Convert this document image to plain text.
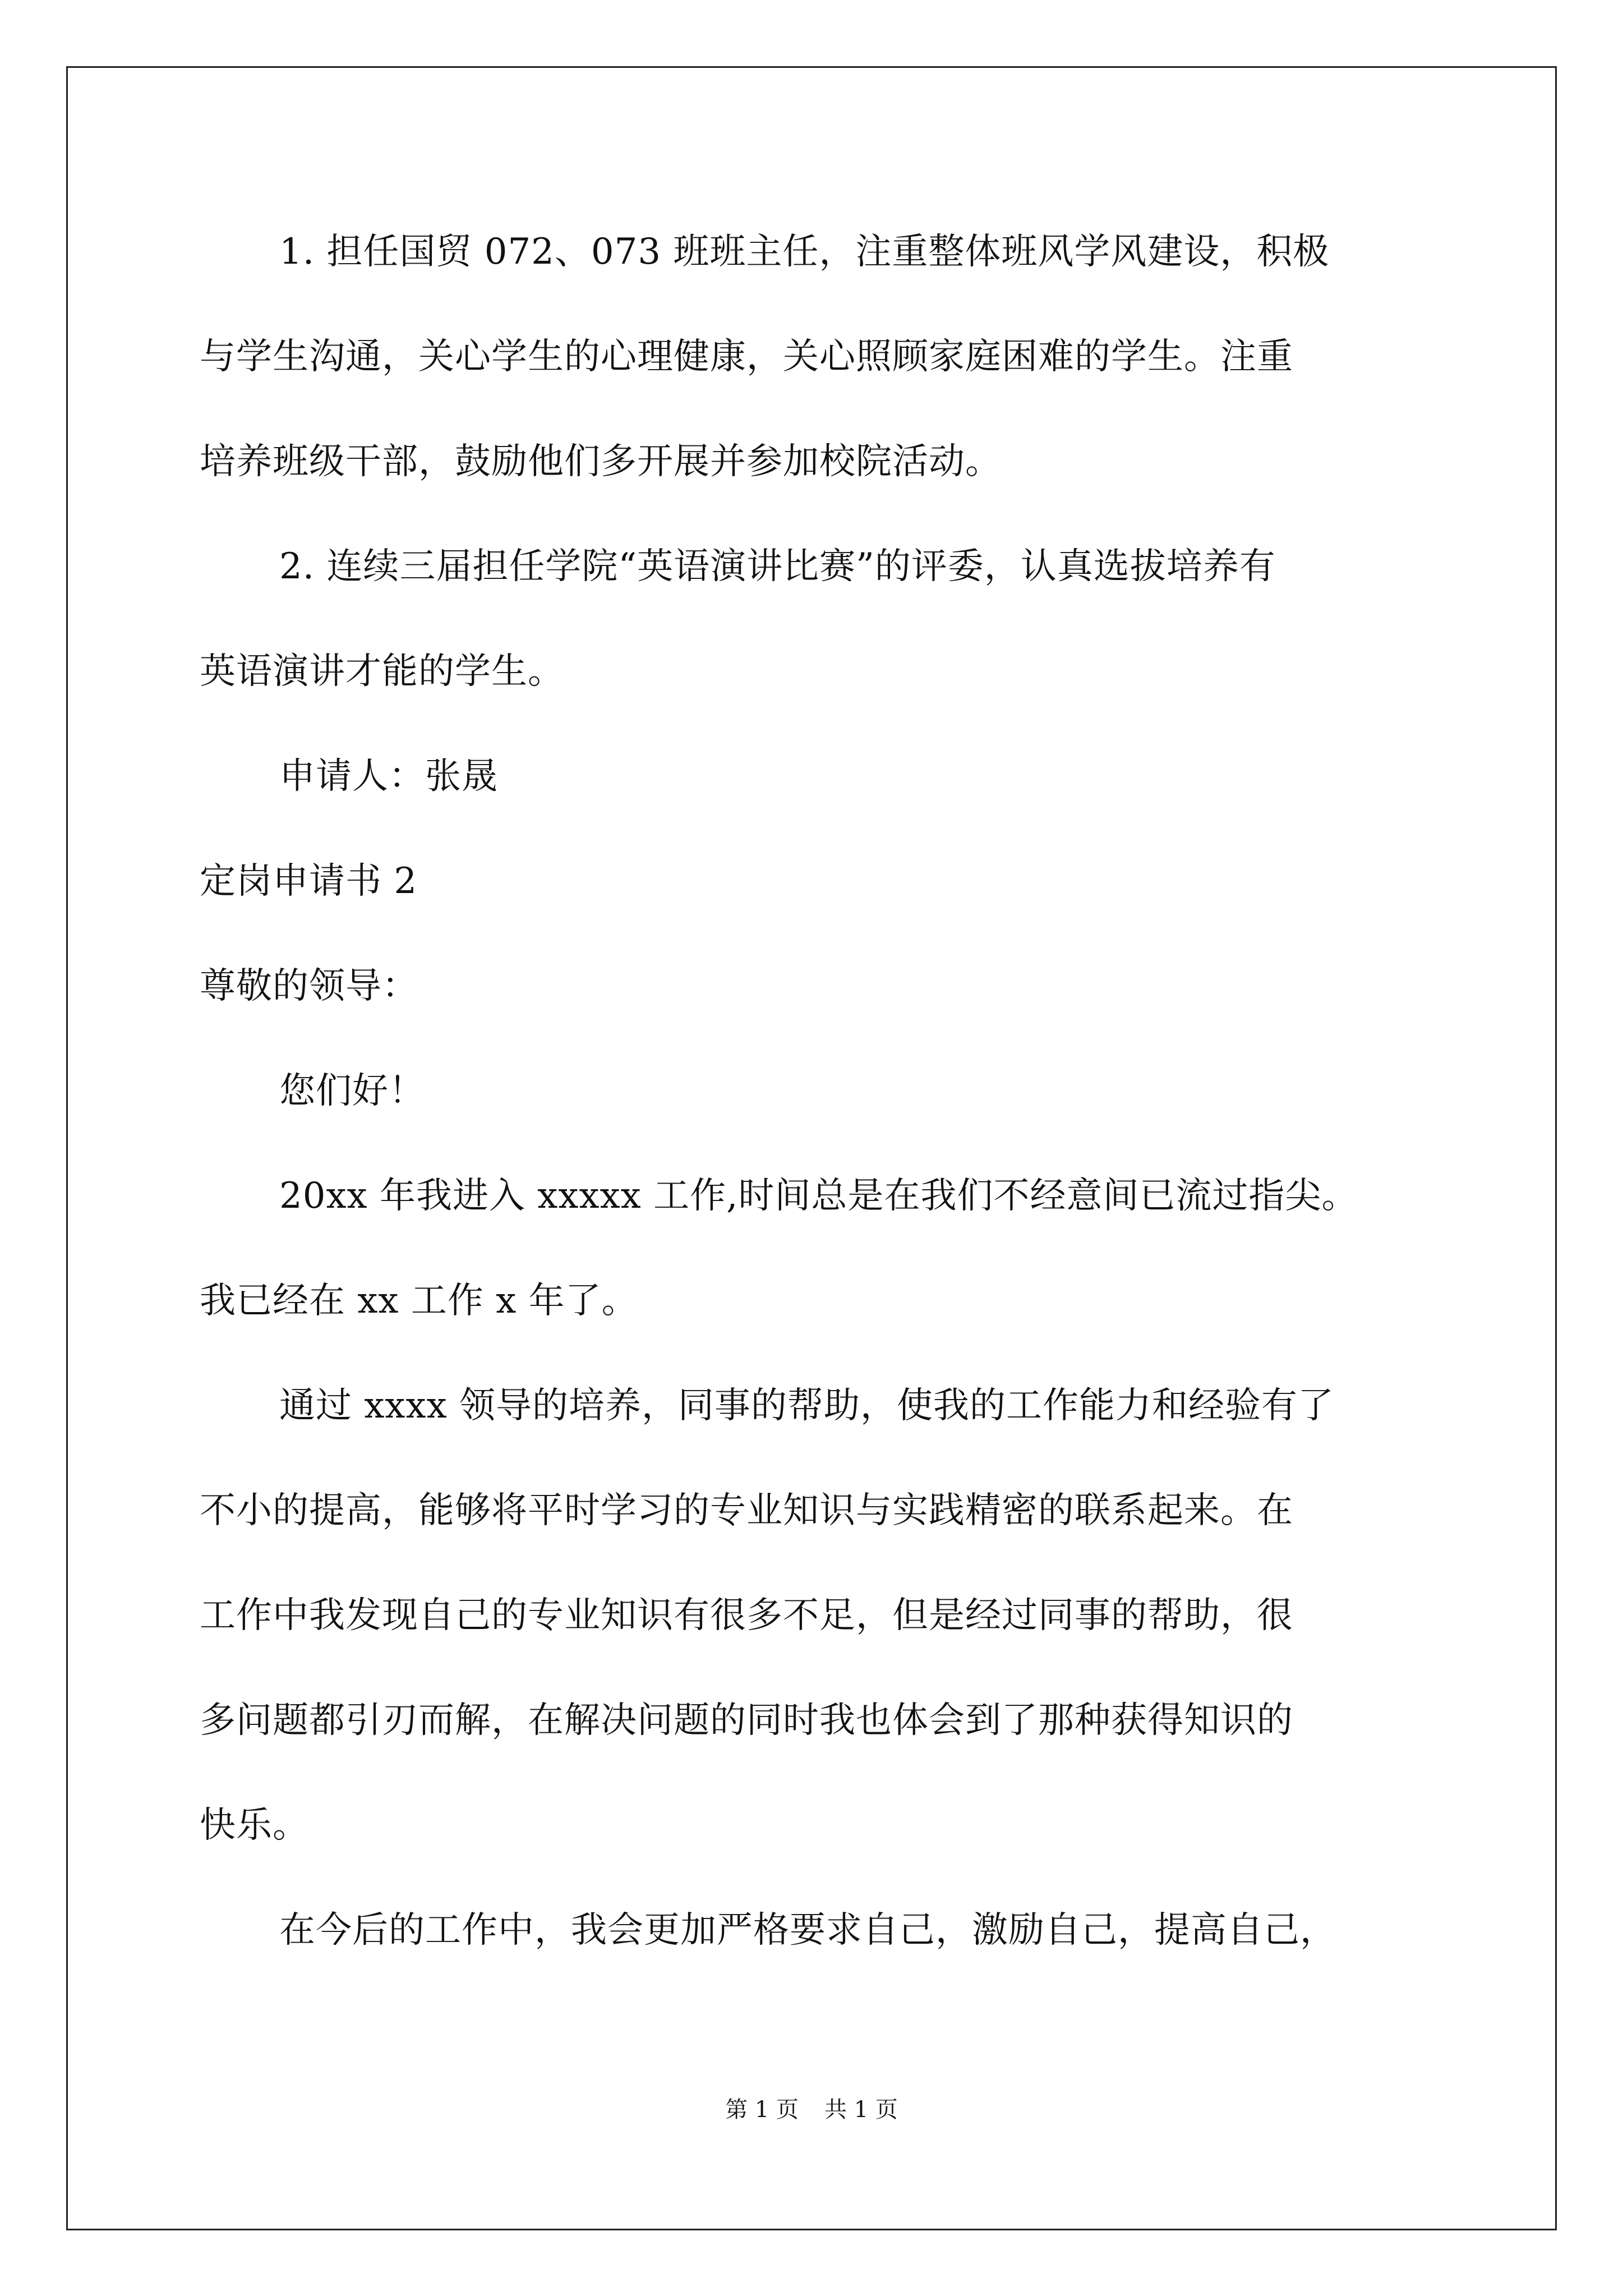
1. 担任国贸 072、073 班班主任，注重整体班风学风建设，积极
与学生沟通，关心学生的心理健康，关心照顾家庭困难的学生。注重
培养班级干部，鼓励他们多开展并参加校院活动。
2. 连续三届担任学院“英语演讲比赛”的评委，认真选拔培养有
英语演讲才能的学生。
申请人：张晟
定岗申请书 2
尊敬的领导：
您们好！
20xx 年我进入 xxxxx 工作,时间总是在我们不经意间已流过指尖。
我已经在 xx 工作 x 年了。
通过 xxxx 领导的培养，同事的帮助，使我的工作能力和经验有了
不小的提高，能够将平时学习的专业知识与实践精密的联系起来。在
工作中我发现自己的专业知识有很多不足，但是经过同事的帮助，很
多问题都引刃而解，在解决问题的同时我也体会到了那种获得知识的
快乐。
在今后的工作中，我会更加严格要求自己，激励自己，提高自己，
第 1 页 共 1 页
